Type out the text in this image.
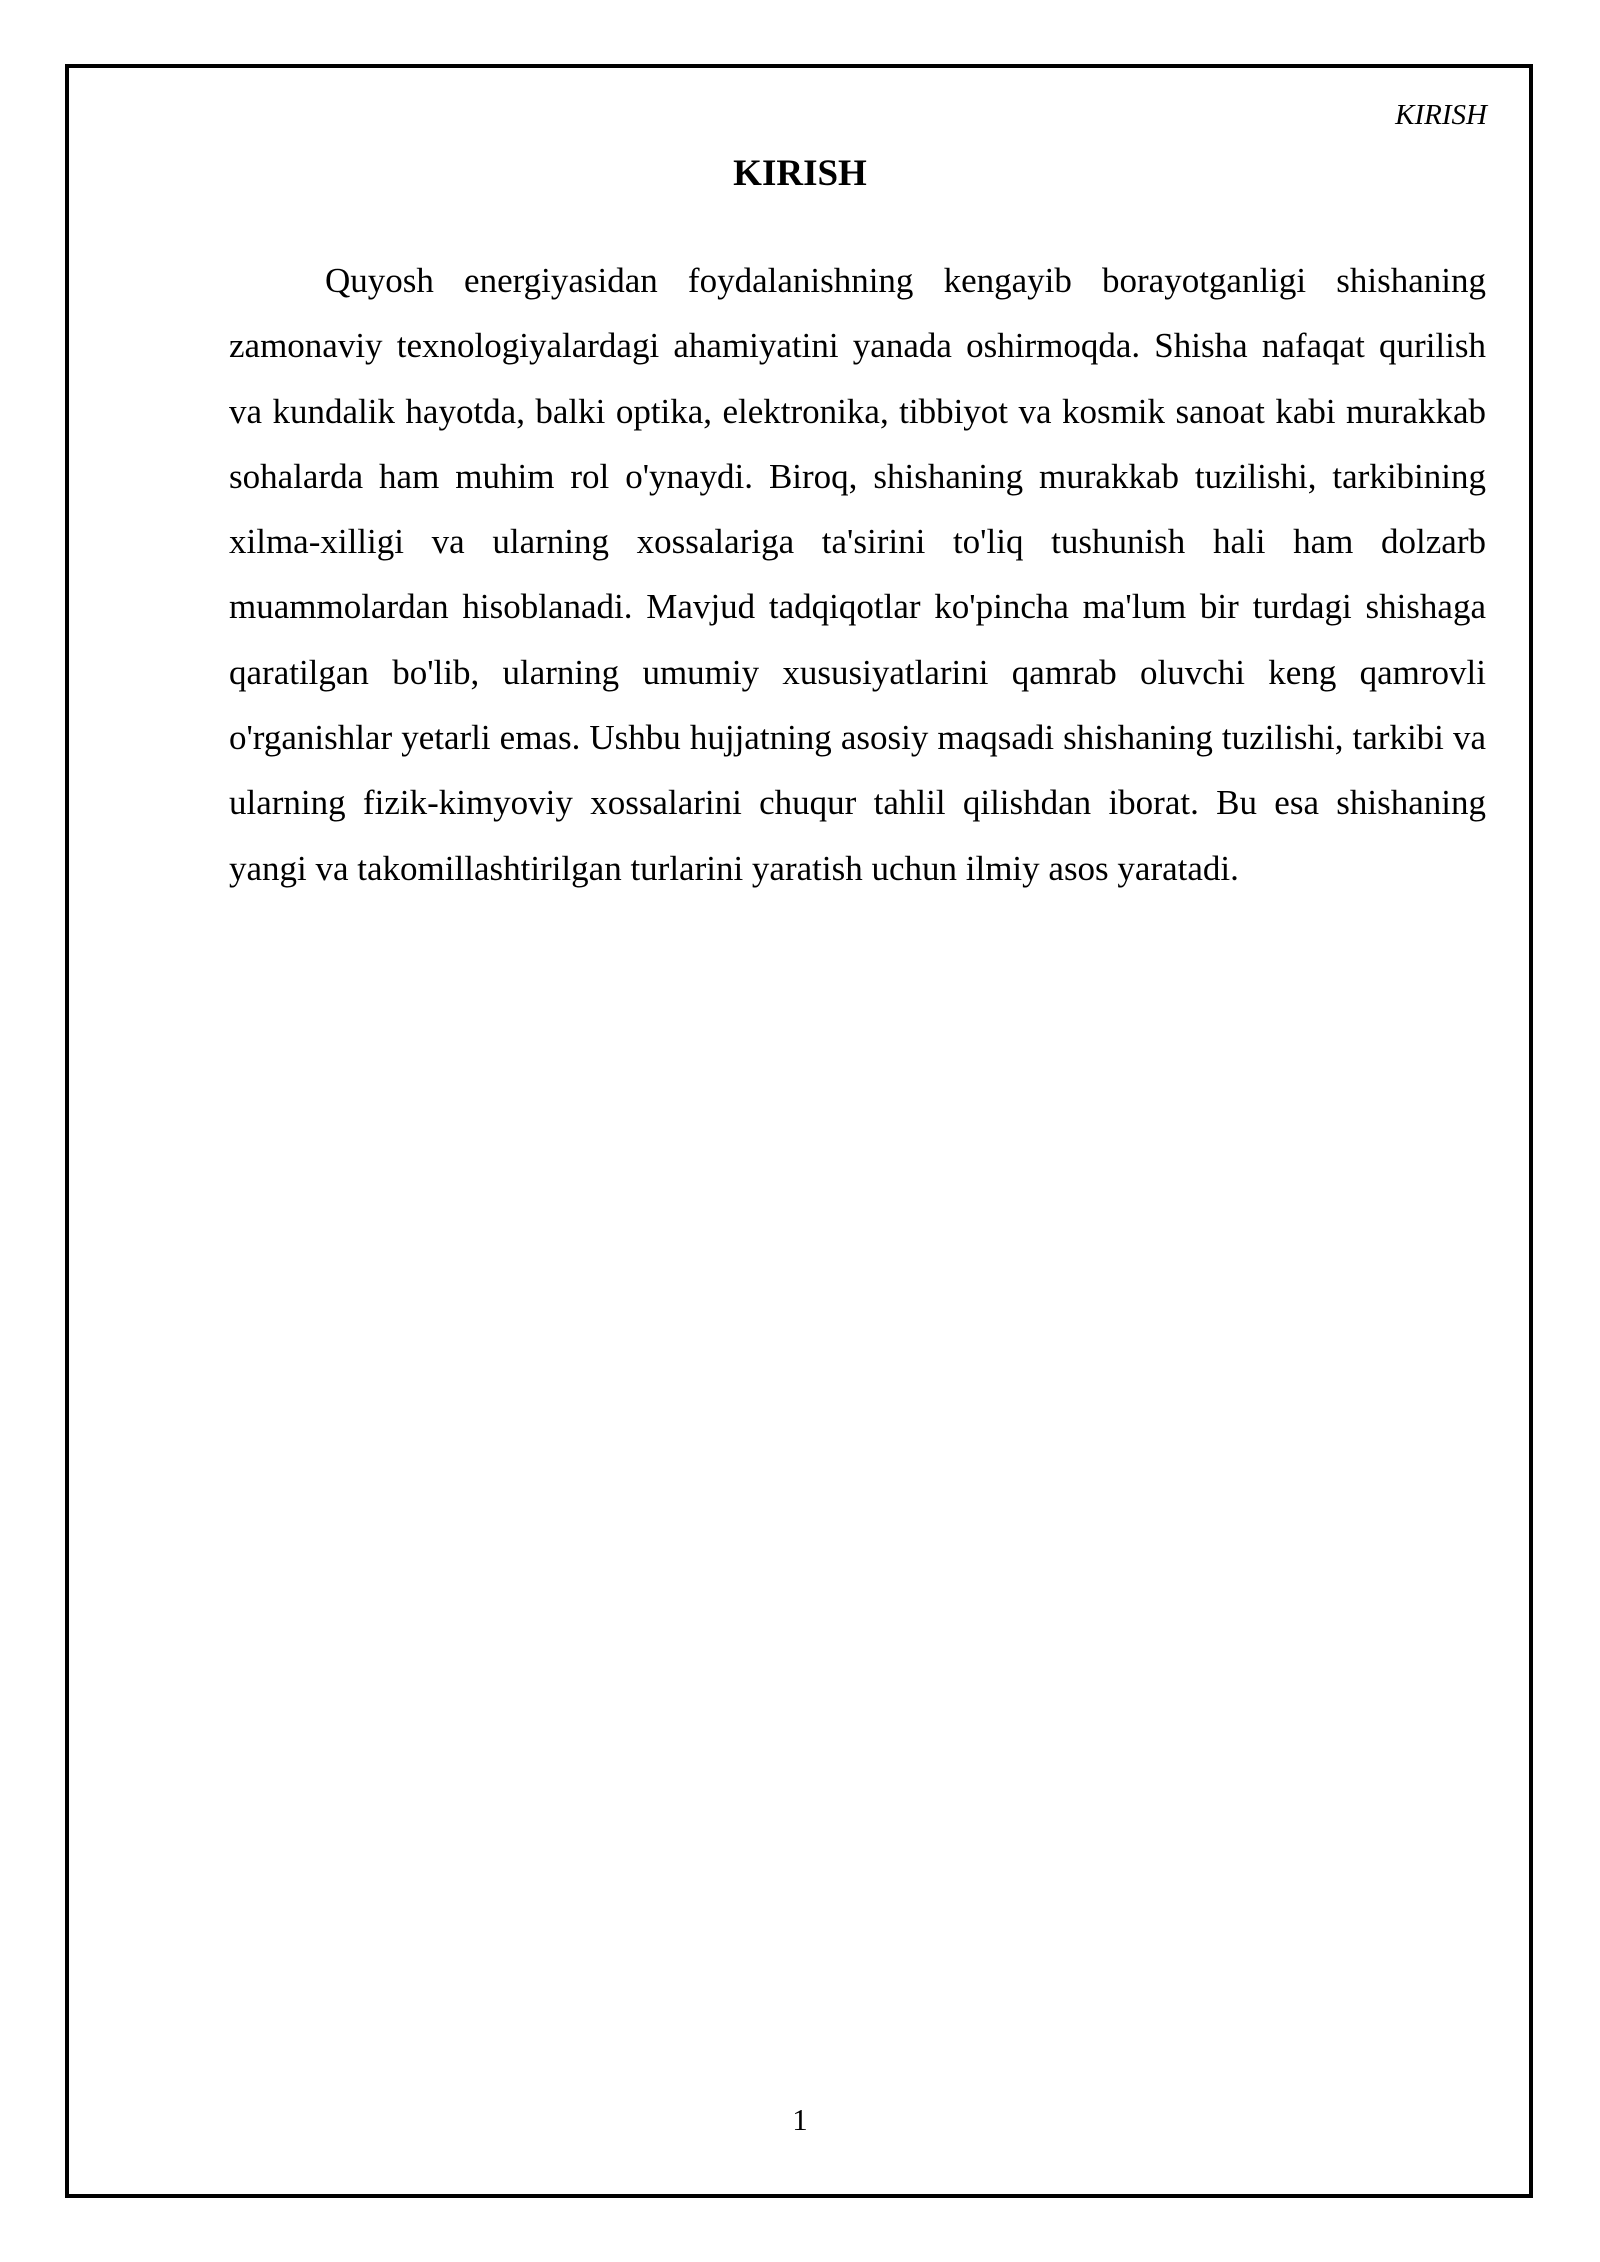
KIRISH
KIRISH

Quyosh energiyasidan foydalanishning kengayib borayotganligi shishaning zamonaviy texnologiyalardagi ahamiyatini yanada oshirmoqda. Shisha nafaqat qurilish va kundalik hayotda, balki optika, elektronika, tibbiyot va kosmik sanoat kabi murakkab sohalarda ham muhim rol o'ynaydi. Biroq, shishaning murakkab tuzilishi, tarkibining xilma-xilligi va ularning xossalariga ta'sirini to'liq tushunish hali ham dolzarb muammolardan hisoblanadi. Mavjud tadqiqotlar ko'pincha ma'lum bir turdagi shishaga qaratilgan bo'lib, ularning umumiy xususiyatlarini qamrab oluvchi keng qamrovli o'rganishlar yetarli emas. Ushbu hujjatning asosiy maqsadi shishaning tuzilishi, tarkibi va ularning fizik-kimyoviy xossalarini chuqur tahlil qilishdan iborat. Bu esa shishaning yangi va takomillashtirilgan turlarini yaratish uchun ilmiy asos yaratadi.

1
